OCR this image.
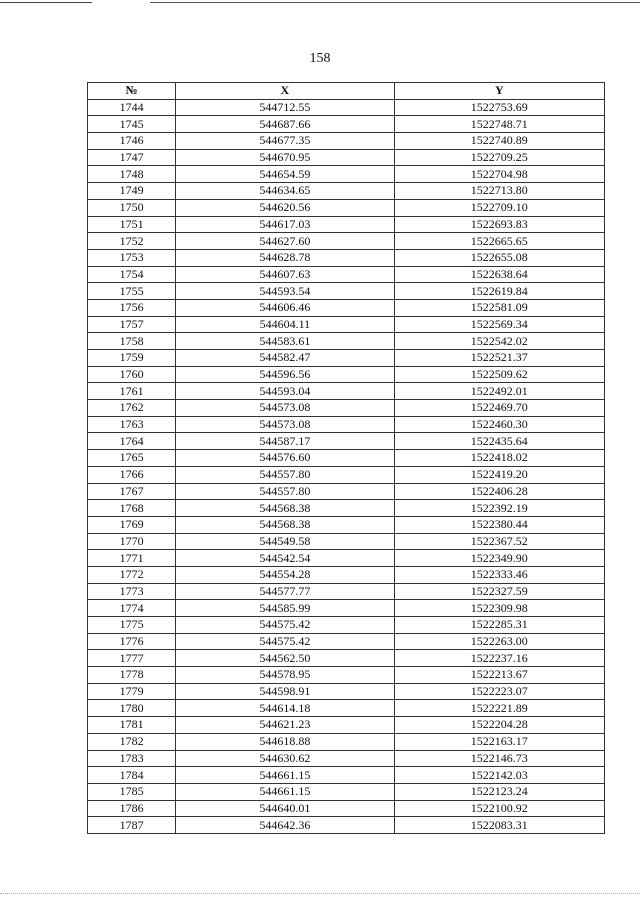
158
№	X	Y
1744	544712.55	1522753.69
1745	544687.66	1522748.71
1746	544677.35	1522740.89
1747	544670.95	1522709.25
1748	544654.59	1522704.98
1749	544634.65	1522713.80
1750	544620.56	1522709.10
1751	544617.03	1522693.83
1752	544627.60	1522665.65
1753	544628.78	1522655.08
1754	544607.63	1522638.64
1755	544593.54	1522619.84
1756	544606.46	1522581.09
1757	544604.11	1522569.34
1758	544583.61	1522542.02
1759	544582.47	1522521.37
1760	544596.56	1522509.62
1761	544593.04	1522492.01
1762	544573.08	1522469.70
1763	544573.08	1522460.30
1764	544587.17	1522435.64
1765	544576.60	1522418.02
1766	544557.80	1522419.20
1767	544557.80	1522406.28
1768	544568.38	1522392.19
1769	544568.38	1522380.44
1770	544549.58	1522367.52
1771	544542.54	1522349.90
1772	544554.28	1522333.46
1773	544577.77	1522327.59
1774	544585.99	1522309.98
1775	544575.42	1522285.31
1776	544575.42	1522263.00
1777	544562.50	1522237.16
1778	544578.95	1522213.67
1779	544598.91	1522223.07
1780	544614.18	1522221.89
1781	544621.23	1522204.28
1782	544618.88	1522163.17
1783	544630.62	1522146.73
1784	544661.15	1522142.03
1785	544661.15	1522123.24
1786	544640.01	1522100.92
1787	544642.36	1522083.31
